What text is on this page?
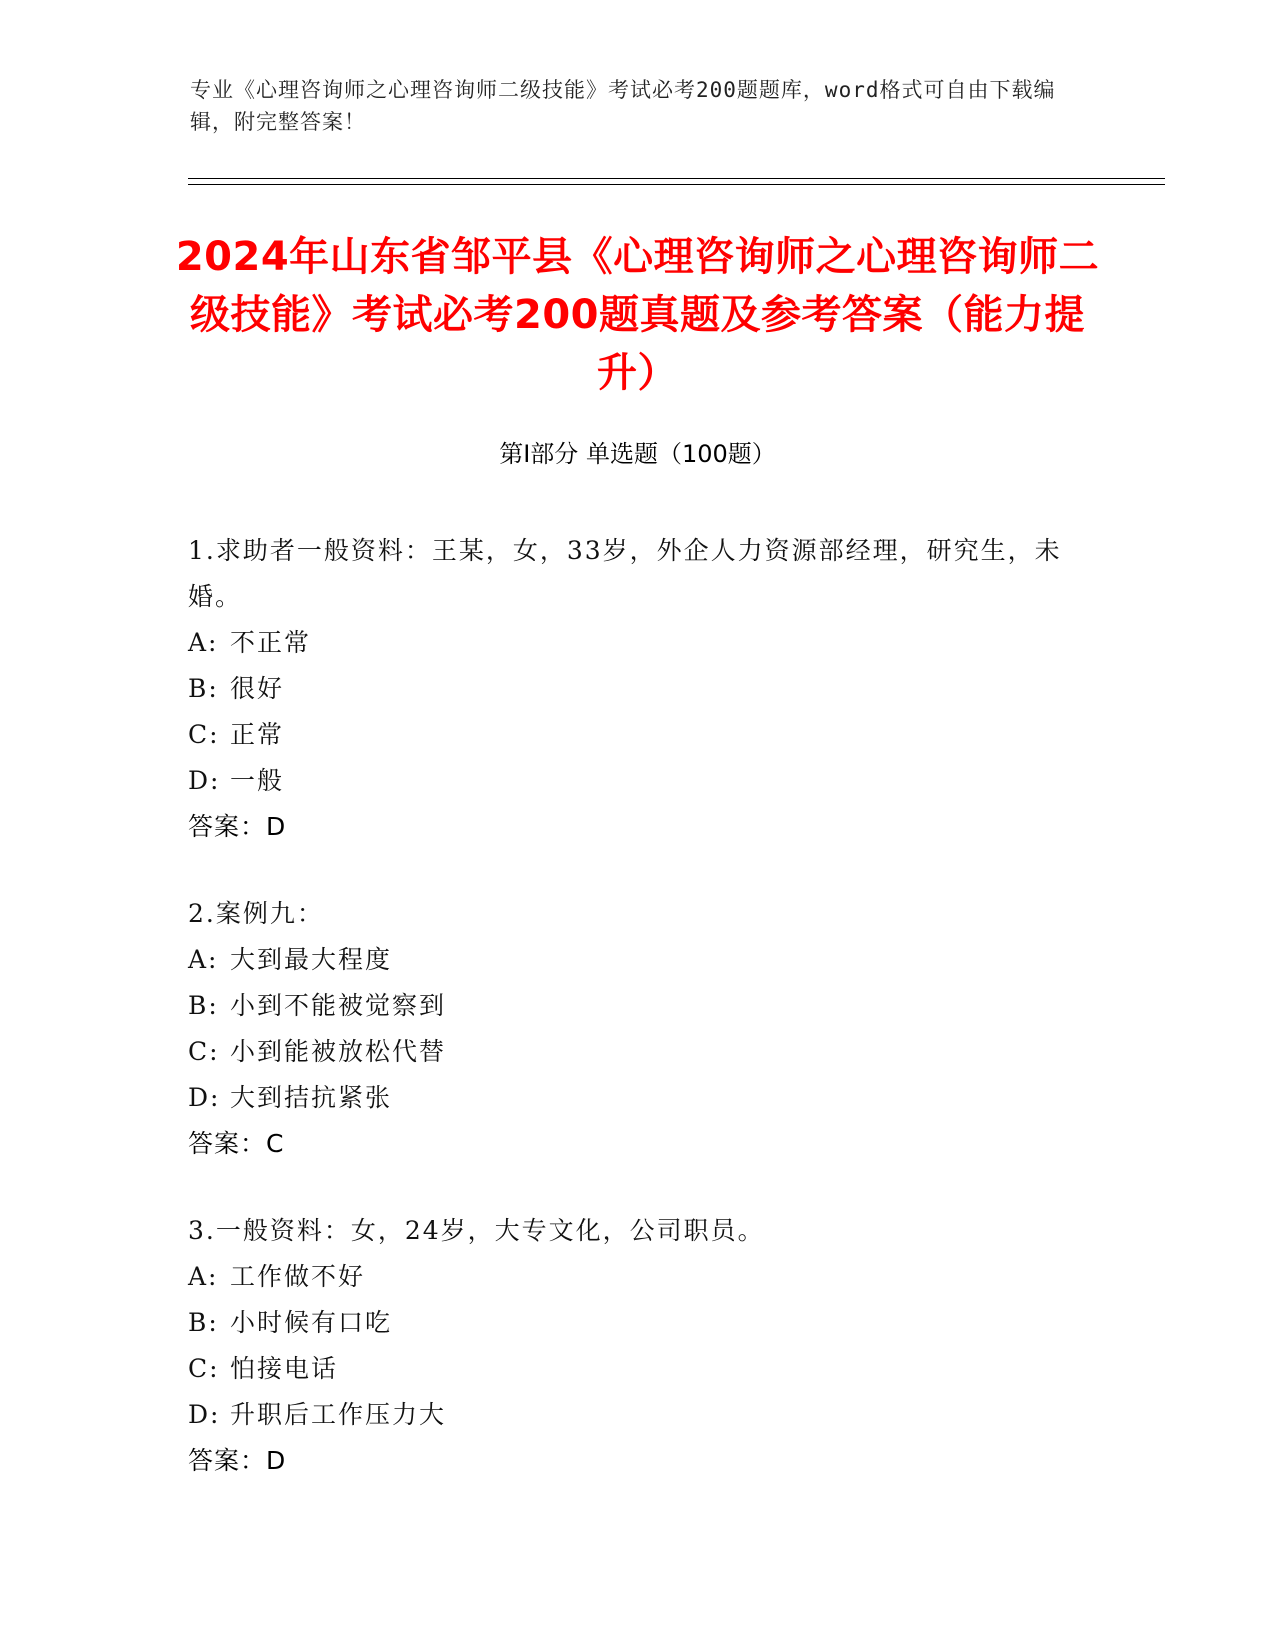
专业《心理咨询师之心理咨询师二级技能》考试必考200题题库，word格式可自由下载编辑，附完整答案！
2024年山东省邹平县《心理咨询师之心理咨询师二级技能》考试必考200题真题及参考答案（能力提升）
第Ⅰ部分 单选题（100题）
1.求助者一般资料：王某，女，33岁，外企人力资源部经理，研究生，未婚。
A: 不正常
B: 很好
C: 正常
D: 一般
答案：D
2.案例九：
A: 大到最大程度
B: 小到不能被觉察到
C: 小到能被放松代替
D: 大到拮抗紧张
答案：C
3.一般资料：女，24岁，大专文化，公司职员。
A: 工作做不好
B: 小时候有口吃
C: 怕接电话
D: 升职后工作压力大
答案：D
